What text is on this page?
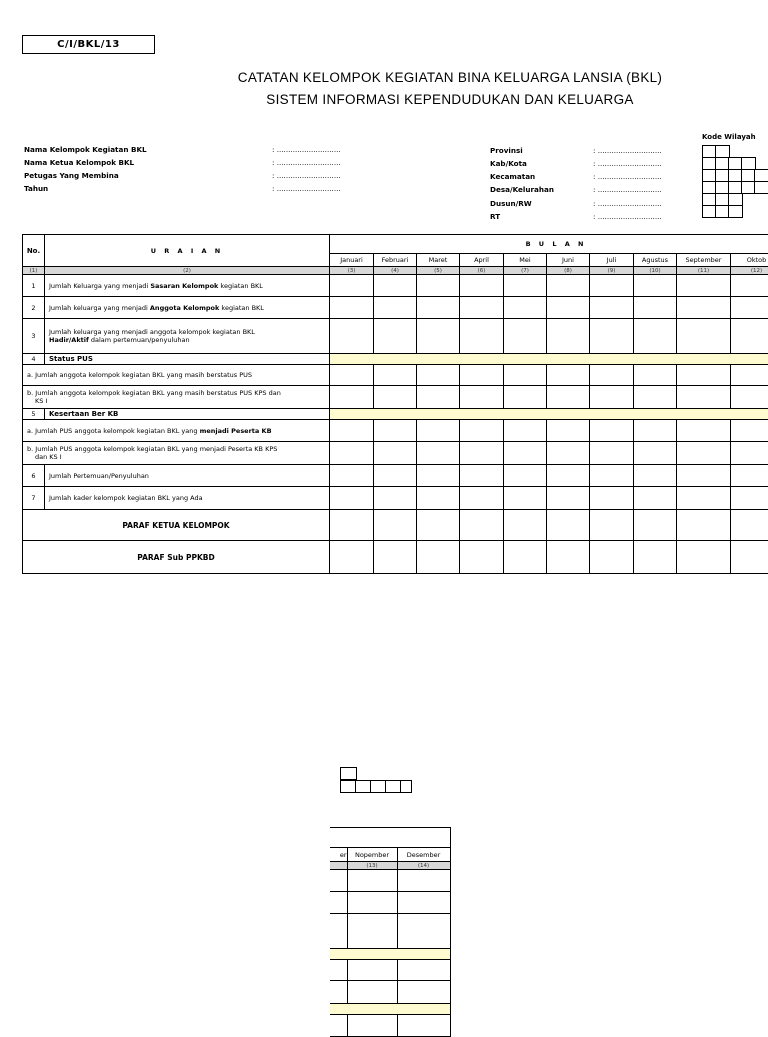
C/I/BKL/13
CATATAN KELOMPOK KEGIATAN BINA KELUARGA LANSIA (BKL)
SISTEM INFORMASI KEPENDUDUKAN DAN KELUARGA
Nama Kelompok Kegiatan BKL	: ............................
Nama Ketua Kelompok BKL	: ............................
Petugas Yang Membina	: ............................
Tahun	: ............................
Provinsi	: ............................
Kab/Kota	: ............................
Kecamatan	: ............................
Desa/Kelurahan	: ............................
Dusun/RW	: ............................
RT	: ............................
Kode Wilayah
No.	U R A I A N	B U L A N									
		Januari	Februari	Maret	April	Mei	Juni	Juli	Agustus	September	Oktob
(1)	(2)	(3)	(4)	(5)	(6)	(7)	(8)	(9)	(10)	(11)	(12)
1	Jumlah Keluarga yang menjadi Sasaran Kelompok kegiatan BKL										
2	Jumlah keluarga yang menjadi Anggota Kelompok kegiatan BKL										
3	Jumlah keluarga yang menjadi anggota kelompok kegiatan BKL
Hadir/Aktif dalam pertemuan/penyuluhan										
4	Status PUS										
a. Jumlah anggota kelompok kegiatan BKL yang masih berstatus PUS											
b. Jumlah anggota kelompok kegiatan BKL yang masih berstatus PUS KPS dan
KS I											
5	Kesertaan Ber KB										
a. Jumlah PUS anggota kelompok kegiatan BKL yang menjadi Peserta KB											
b. Jumlah PUS anggota kelompok kegiatan BKL yang menjadi Peserta KB KPS
dan KS I											
6	Jumlah Pertemuan/Penyuluhan										
7	Jumlah kader kelompok kegiatan BKL yang Ada										
PARAF KETUA KELOMPOK											
PARAF Sub PPKBD											

er	Nopember	Desember
	(13)	(14)
